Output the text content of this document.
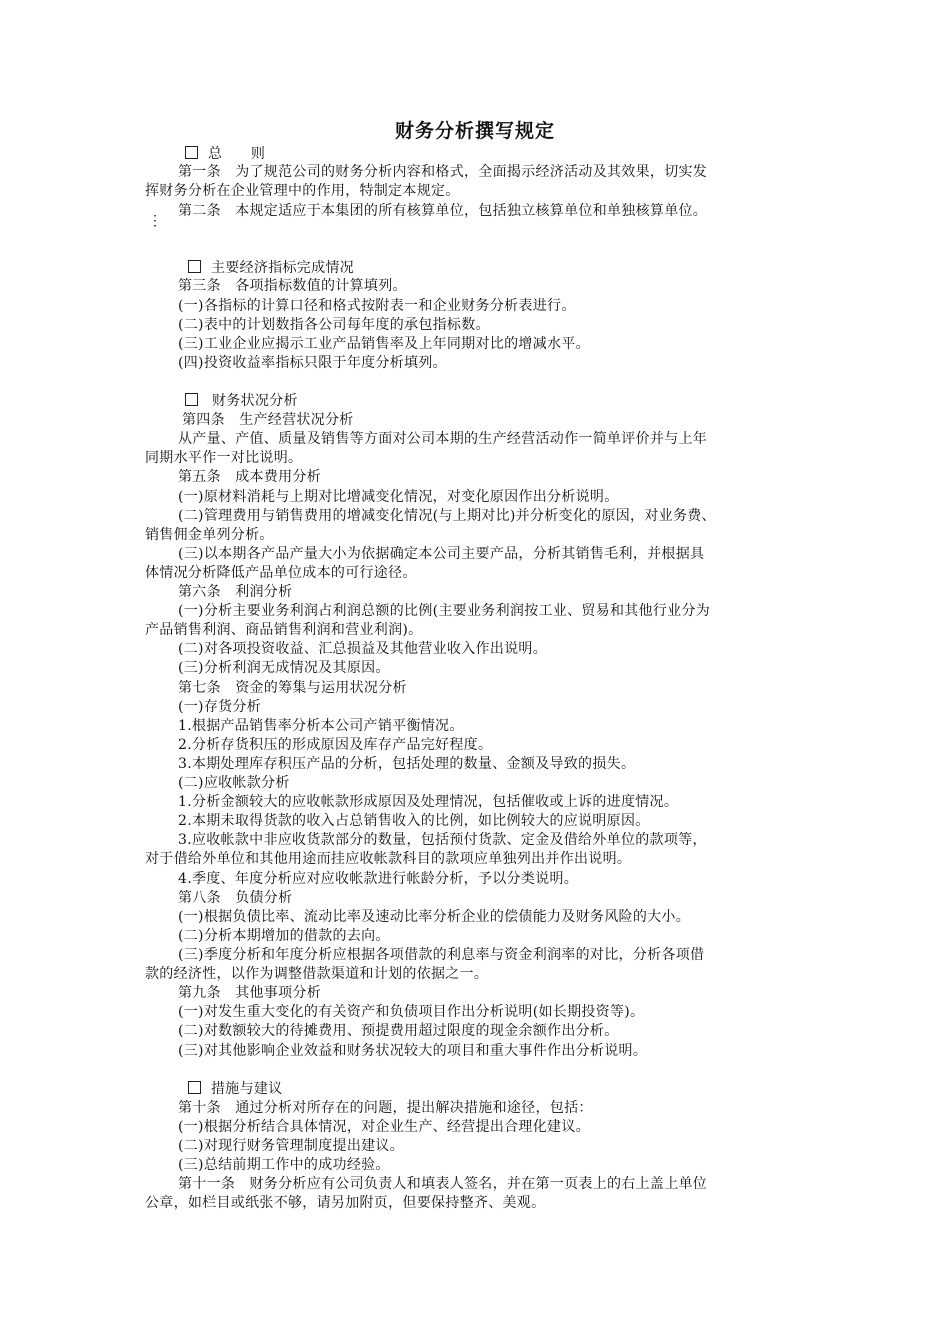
财务分析撰写规定
总　　则
第一条　为了规范公司的财务分析内容和格式，全面揭示经济活动及其效果，切实发
挥财务分析在企业管理中的作用，特制定本规定。
第二条　本规定适应于本集团的所有核算单位，包括独立核算单位和单独核算单位。
⋮
主要经济指标完成情况
第三条　各项指标数值的计算填列。
(一)各指标的计算口径和格式按附表一和企业财务分析表进行。
(二)表中的计划数指各公司每年度的承包指标数。
(三)工业企业应揭示工业产品销售率及上年同期对比的增减水平。
(四)投资收益率指标只限于年度分析填列。
财务状况分析
第四条　生产经营状况分析
从产量、产值、质量及销售等方面对公司本期的生产经营活动作一简单评价并与上年
同期水平作一对比说明。
第五条　成本费用分析
(一)原材料消耗与上期对比增减变化情况，对变化原因作出分析说明。
(二)管理费用与销售费用的增减变化情况(与上期对比)并分析变化的原因，对业务费、
销售佣金单列分析。
(三)以本期各产品产量大小为依据确定本公司主要产品，分析其销售毛利，并根据具
体情况分析降低产品单位成本的可行途径。
第六条　利润分析
(一)分析主要业务利润占利润总额的比例(主要业务利润按工业、贸易和其他行业分为
产品销售利润、商品销售利润和营业利润)。
(二)对各项投资收益、汇总损益及其他营业收入作出说明。
(三)分析利润无成情况及其原因。
第七条　资金的筹集与运用状况分析
(一)存货分析
1.根据产品销售率分析本公司产销平衡情况。
2.分析存货积压的形成原因及库存产品完好程度。
3.本期处理库存积压产品的分析，包括处理的数量、金额及导致的损失。
(二)应收帐款分析
1.分析金额较大的应收帐款形成原因及处理情况，包括催收或上诉的进度情况。
2.本期未取得货款的收入占总销售收入的比例，如比例较大的应说明原因。
3.应收帐款中非应收货款部分的数量，包括预付货款、定金及借给外单位的款项等，
对于借给外单位和其他用途而挂应收帐款科目的款项应单独列出并作出说明。
4.季度、年度分析应对应收帐款进行帐龄分析，予以分类说明。
第八条　负债分析
(一)根据负债比率、流动比率及速动比率分析企业的偿债能力及财务风险的大小。
(二)分析本期增加的借款的去向。
(三)季度分析和年度分析应根据各项借款的利息率与资金利润率的对比，分析各项借
款的经济性，以作为调整借款渠道和计划的依据之一。
第九条　其他事项分析
(一)对发生重大变化的有关资产和负债项目作出分析说明(如长期投资等)。
(二)对数额较大的待摊费用、预提费用超过限度的现金余额作出分析。
(三)对其他影响企业效益和财务状况较大的项目和重大事件作出分析说明。
措施与建议
第十条　通过分析对所存在的问题，提出解决措施和途径，包括：
(一)根据分析结合具体情况，对企业生产、经营提出合理化建议。
(二)对现行财务管理制度提出建议。
(三)总结前期工作中的成功经验。
第十一条　财务分析应有公司负责人和填表人签名，并在第一页表上的右上盖上单位
公章，如栏目或纸张不够，请另加附页，但要保持整齐、美观。
